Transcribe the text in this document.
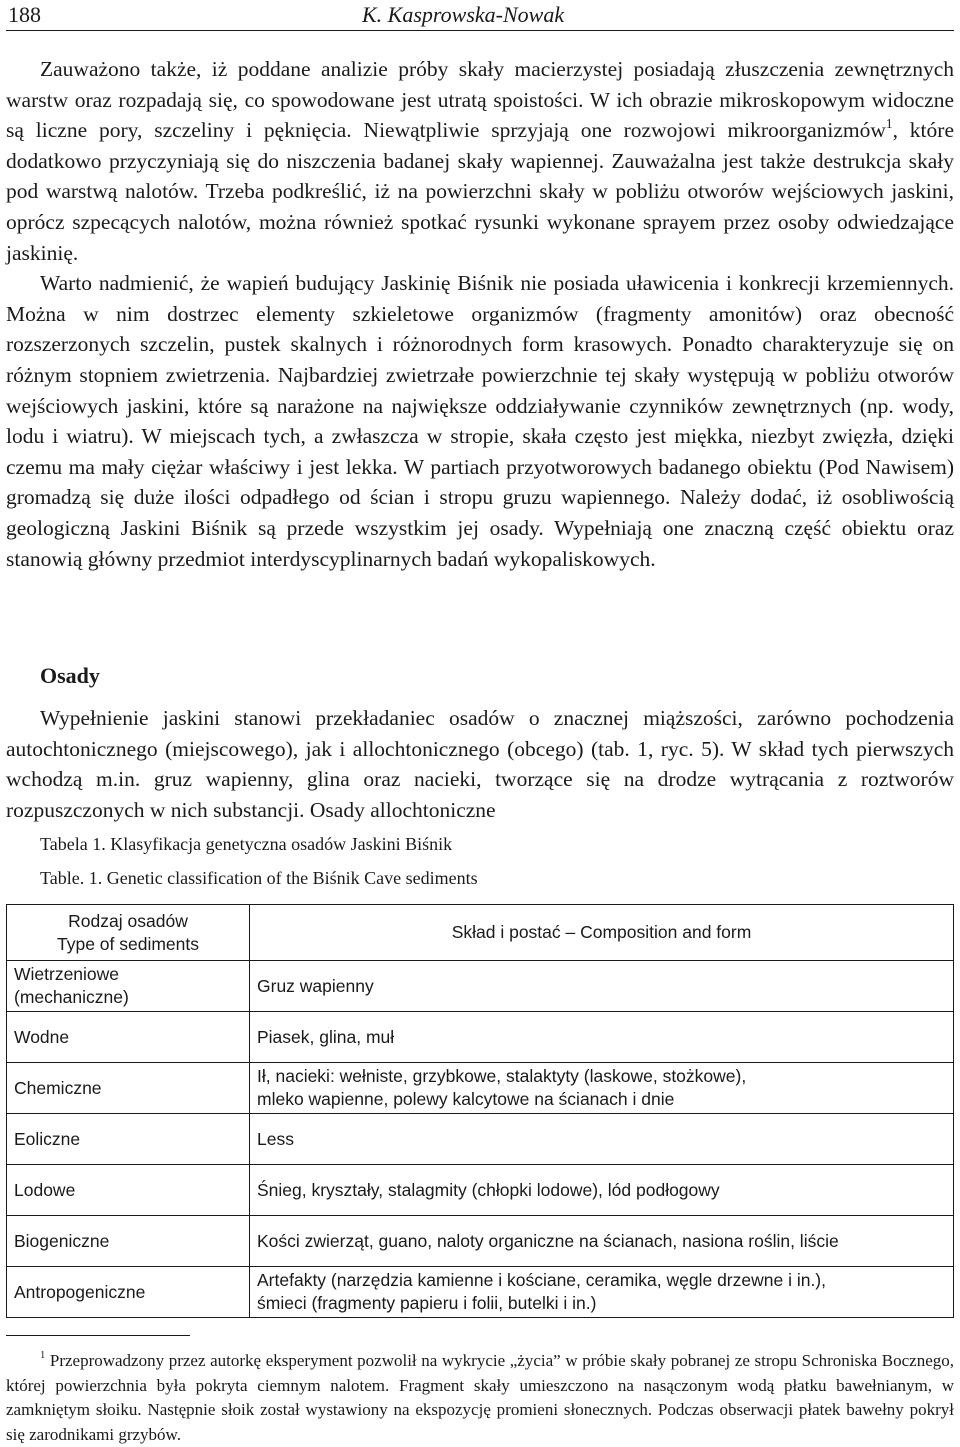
188	K. Kasprowska-Nowak

Zauważono także, iż poddane analizie próby skały macierzystej posiadają złuszczenia zewnętrznych warstw oraz rozpadają się, co spowodowane jest utratą spoistości. W ich obrazie mikroskopowym widoczne są liczne pory, szczeliny i pęknięcia. Niewątpliwie sprzyjają one rozwojowi mikroorganizmów$^1$, które dodatkowo przyczyniają się do niszczenia badanej skały wapiennej. Zauważalna jest także destrukcja skały pod warstwą nalotów. Trzeba podkreślić, iż na powierzchni skały w pobliżu otworów wejściowych jaskini, oprócz szpecących nalotów, można również spotkać rysunki wykonane sprayem przez osoby odwiedzające jaskinię.

Warto nadmienić, że wapień budujący Jaskinię Biśnik nie posiada uławicenia i konkrecji krzemiennych. Można w nim dostrzec elementy szkieletowe organizmów (fragmenty amonitów) oraz obecność rozszerzonych szczelin, pustek skalnych i różnorodnych form krasowych. Ponadto charakteryzuje się on różnym stopniem zwietrzenia. Najbardziej zwietrzałe powierzchnie tej skały występują w pobliżu otworów wejściowych jaskini, które są narażone na największe oddziaływanie czynników zewnętrznych (np. wody, lodu i wiatru). W miejscach tych, a zwłaszcza w stropie, skała często jest miękka, niezbyt zwięzła, dzięki czemu ma mały ciężar właściwy i jest lekka. W partiach przyotworowych badanego obiektu (Pod Nawisem) gromadzą się duże ilości odpadłego od ścian i stropu gruzu wapiennego. Należy dodać, iż osobliwością geologiczną Jaskini Biśnik są przede wszystkim jej osady. Wypełniają one znaczną część obiektu oraz stanowią główny przedmiot interdyscyplinarnych badań wykopaliskowych.

Osady

Wypełnienie jaskini stanowi przekładaniec osadów o znacznej miąższości, zarówno pochodzenia autochtonicznego (miejscowego), jak i allochtonicznego (obcego) (tab. 1, ryc. 5). W skład tych pierwszych wchodzą m.in. gruz wapienny, glina oraz nacieki, tworzące się na drodze wytrącania z roztworów rozpuszczonych w nich substancji. Osady allochtoniczne

Tabela 1. Klasyfikacja genetyczna osadów Jaskini Biśnik
Table. 1. Genetic classification of the Biśnik Cave sediments
Rodzaj osadów
Type of sediments	Skład i postać – Composition and form

Wietrzeniowe
(mechaniczne)	Gruz wapienny

Wodne	Piasek, glina, muł

Chemiczne	Ił, nacieki: wełniste, grzybkowe, stalaktyty (laskowe, stożkowe),
mleko wapienne, polewy kalcytowe na ścianach i dnie

Eoliczne	Less

Lodowe	Śnieg, kryształy, stalagmity (chłopki lodowe), lód podłogowy

Biogeniczne	Kości zwierząt, guano, naloty organiczne na ścianach, nasiona roślin, liście

Antropogeniczne	Artefakty (narzędzia kamienne i kościane, ceramika, węgle drzewne i in.),
śmieci (fragmenty papieru i folii, butelki i in.)

$^1$ Przeprowadzony przez autorkę eksperyment pozwolił na wykrycie „życia” w próbie skały pobranej ze stropu Schroniska Bocznego, której powierzchnia była pokryta ciemnym nalotem. Fragment skały umieszczono na nasączonym wodą płatku bawełnianym, w zamkniętym słoiku. Następnie słoik został wystawiony na ekspozycję promieni słonecznych. Podczas obserwacji płatek bawełny pokrył się zarodnikami grzybów.
